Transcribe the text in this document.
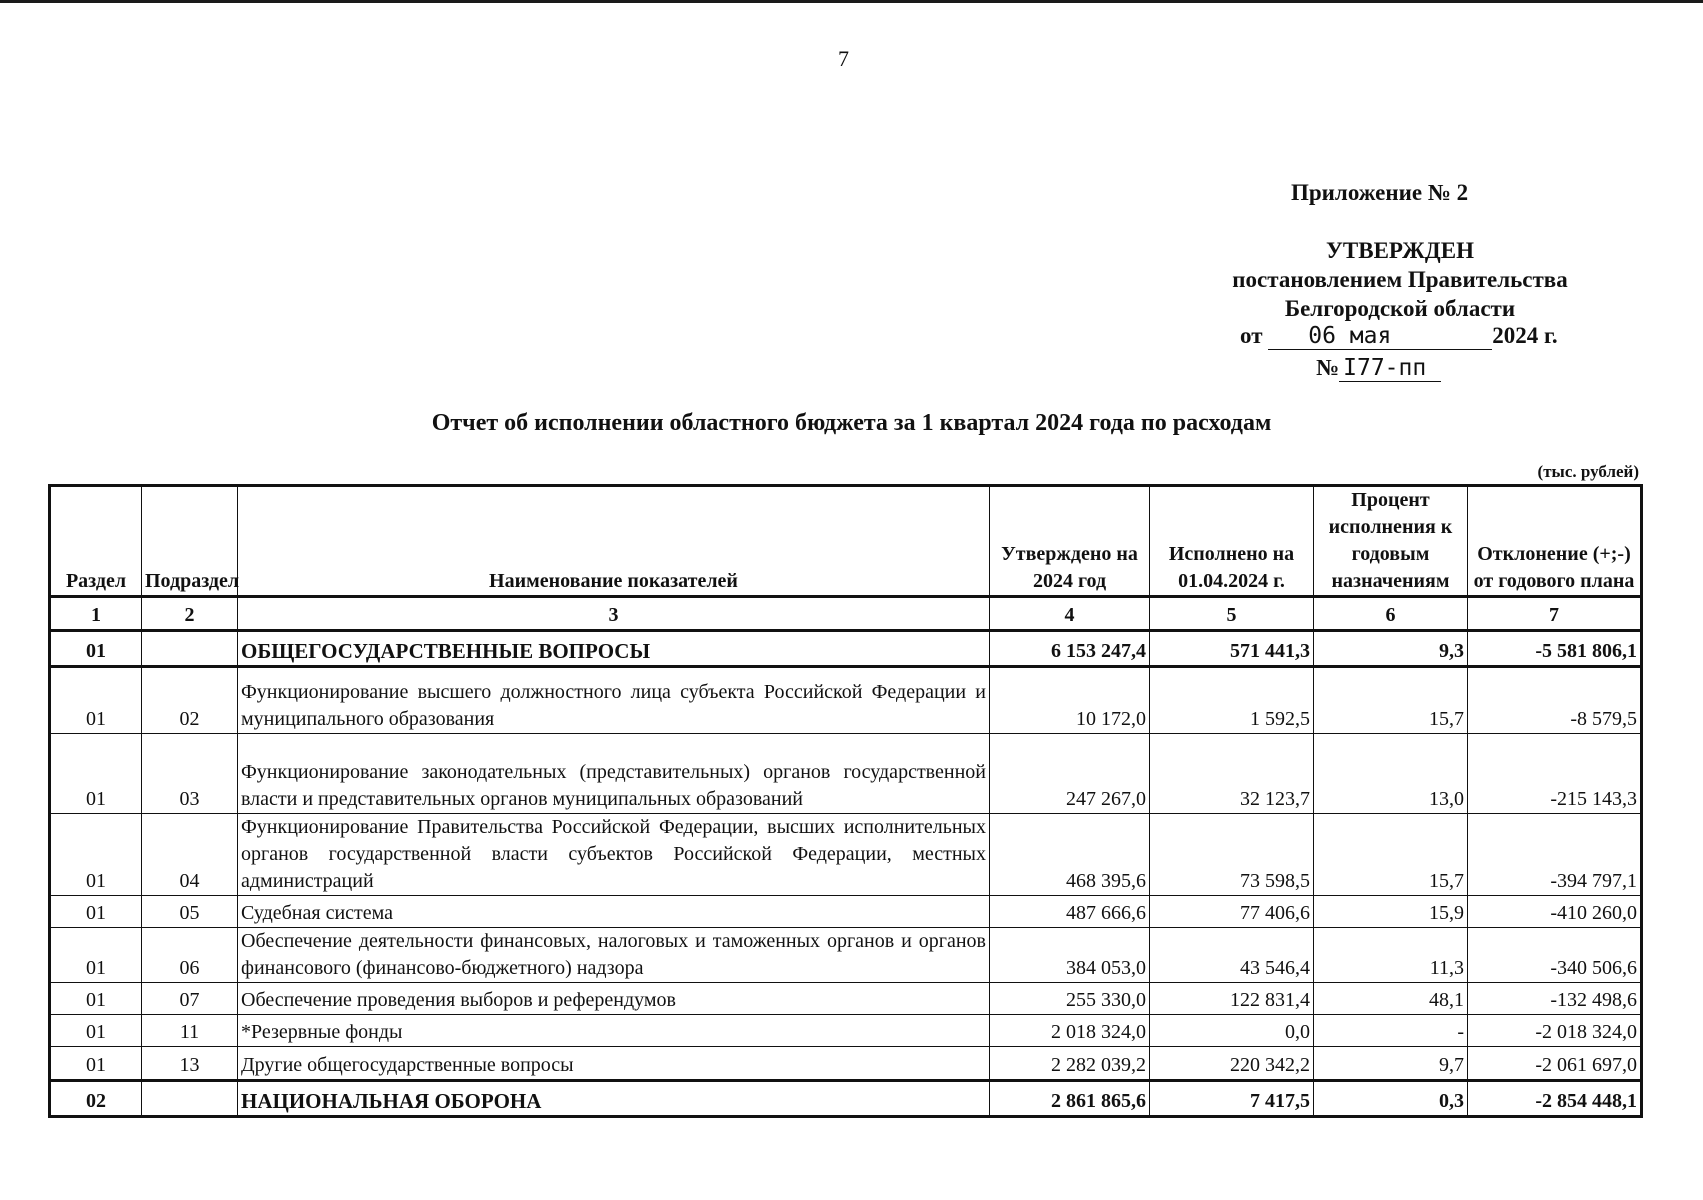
7
Приложение № 2
УТВЕРЖДЕН
постановлением Правительства
Белгородской области
от 06 мая	2024 г.
№ I77-пп
Отчет об исполнении областного бюджета за 1 квартал 2024 года по расходам
(тыс. рублей)
Раздел	Подраздел	Наименование показателей	Утверждено на 2024 год	Исполнено на 01.04.2024 г.	Процент исполнения к годовым назначениям	Отклонение (+;-) от годового плана
1	2	3	4	5	6	7
01		ОБЩЕГОСУДАРСТВЕННЫЕ ВОПРОСЫ	6 153 247,4	571 441,3	9,3	-5 581 806,1
01	02	Функционирование высшего должностного лица субъекта Российской Федерации и муниципального образования	10 172,0	1 592,5	15,7	-8 579,5
01	03	Функционирование законодательных (представительных) органов государственной власти и представительных органов муниципальных образований	247 267,0	32 123,7	13,0	-215 143,3
01	04	Функционирование Правительства Российской Федерации, высших исполнительных органов государственной власти субъектов Российской Федерации, местных администраций	468 395,6	73 598,5	15,7	-394 797,1
01	05	Судебная система	487 666,6	77 406,6	15,9	-410 260,0
01	06	Обеспечение деятельности финансовых, налоговых и таможенных органов и органов финансового (финансово-бюджетного) надзора	384 053,0	43 546,4	11,3	-340 506,6
01	07	Обеспечение проведения выборов и референдумов	255 330,0	122 831,4	48,1	-132 498,6
01	11	*Резервные фонды	2 018 324,0	0,0	-	-2 018 324,0
01	13	Другие общегосударственные вопросы	2 282 039,2	220 342,2	9,7	-2 061 697,0
02		НАЦИОНАЛЬНАЯ ОБОРОНА	2 861 865,6	7 417,5	0,3	-2 854 448,1
